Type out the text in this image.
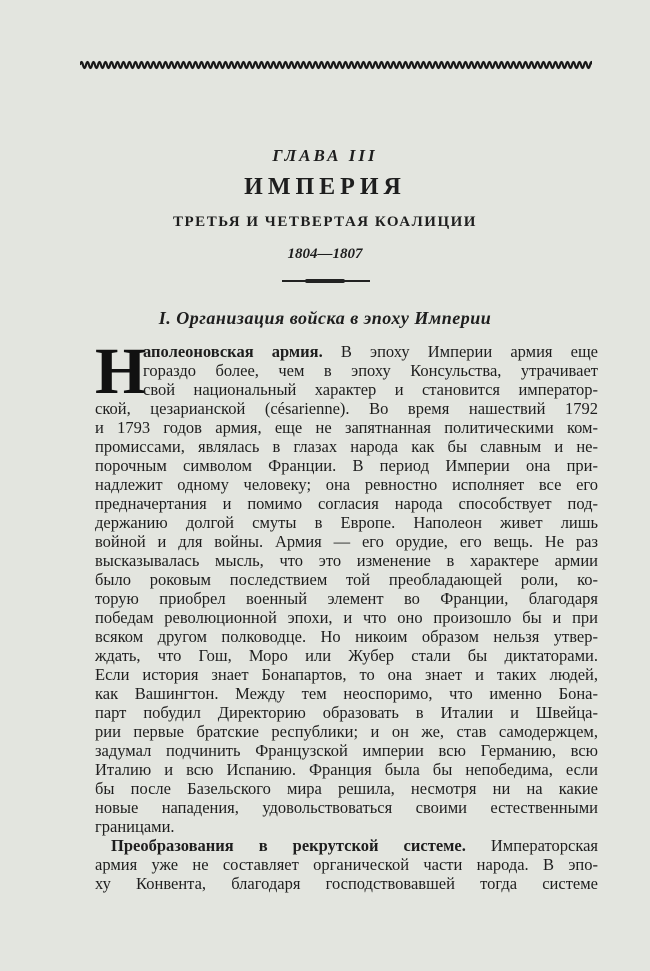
ГЛАВА III
ИМПЕРИЯ
ТРЕТЬЯ И ЧЕТВЕРТАЯ КОАЛИЦИИ
1804—1807
I. Организация войска в эпоху Империи
Н
аполеоновская армия. В эпоху Империи армия еще
гораздо более, чем в эпоху Консульства, утрачивает
свой национальный характер и становится император-
ской, цезарианской (césarienne). Во время нашествий 1792
и 1793 годов армия, еще не запятнанная политическими ком-
промиссами, являлась в глазах народа как бы славным и не-
порочным символом Франции. В период Империи она при-
надлежит одному человеку; она ревностно исполняет все его
предначертания и помимо согласия народа способствует под-
держанию долгой смуты в Европе. Наполеон живет лишь
войной и для войны. Армия — его орудие, его вещь. Не раз
высказывалась мысль, что это изменение в характере армии
было роковым последствием той преобладающей роли, ко-
торую приобрел военный элемент во Франции, благодаря
победам революционной эпохи, и что оно произошло бы и при
всяком другом полководце. Но никоим образом нельзя утвер-
ждать, что Гош, Моро или Жубер стали бы диктаторами.
Если история знает Бонапартов, то она знает и таких людей,
как Вашингтон. Между тем неоспоримо, что именно Бона-
парт побудил Директорию образовать в Италии и Швейца-
рии первые братские республики; и он же, став самодержцем,
задумал подчинить Французской империи всю Германию, всю
Италию и всю Испанию. Франция была бы непобедима, если
бы после Базельского мира решила, несмотря ни на какие
новые нападения, удовольствоваться своими естественными
границами.
Преобразования в рекрутской системе. Императорская
армия уже не составляет органической части народа. В эпо-
ху Конвента, благодаря господствовавшей тогда системе
